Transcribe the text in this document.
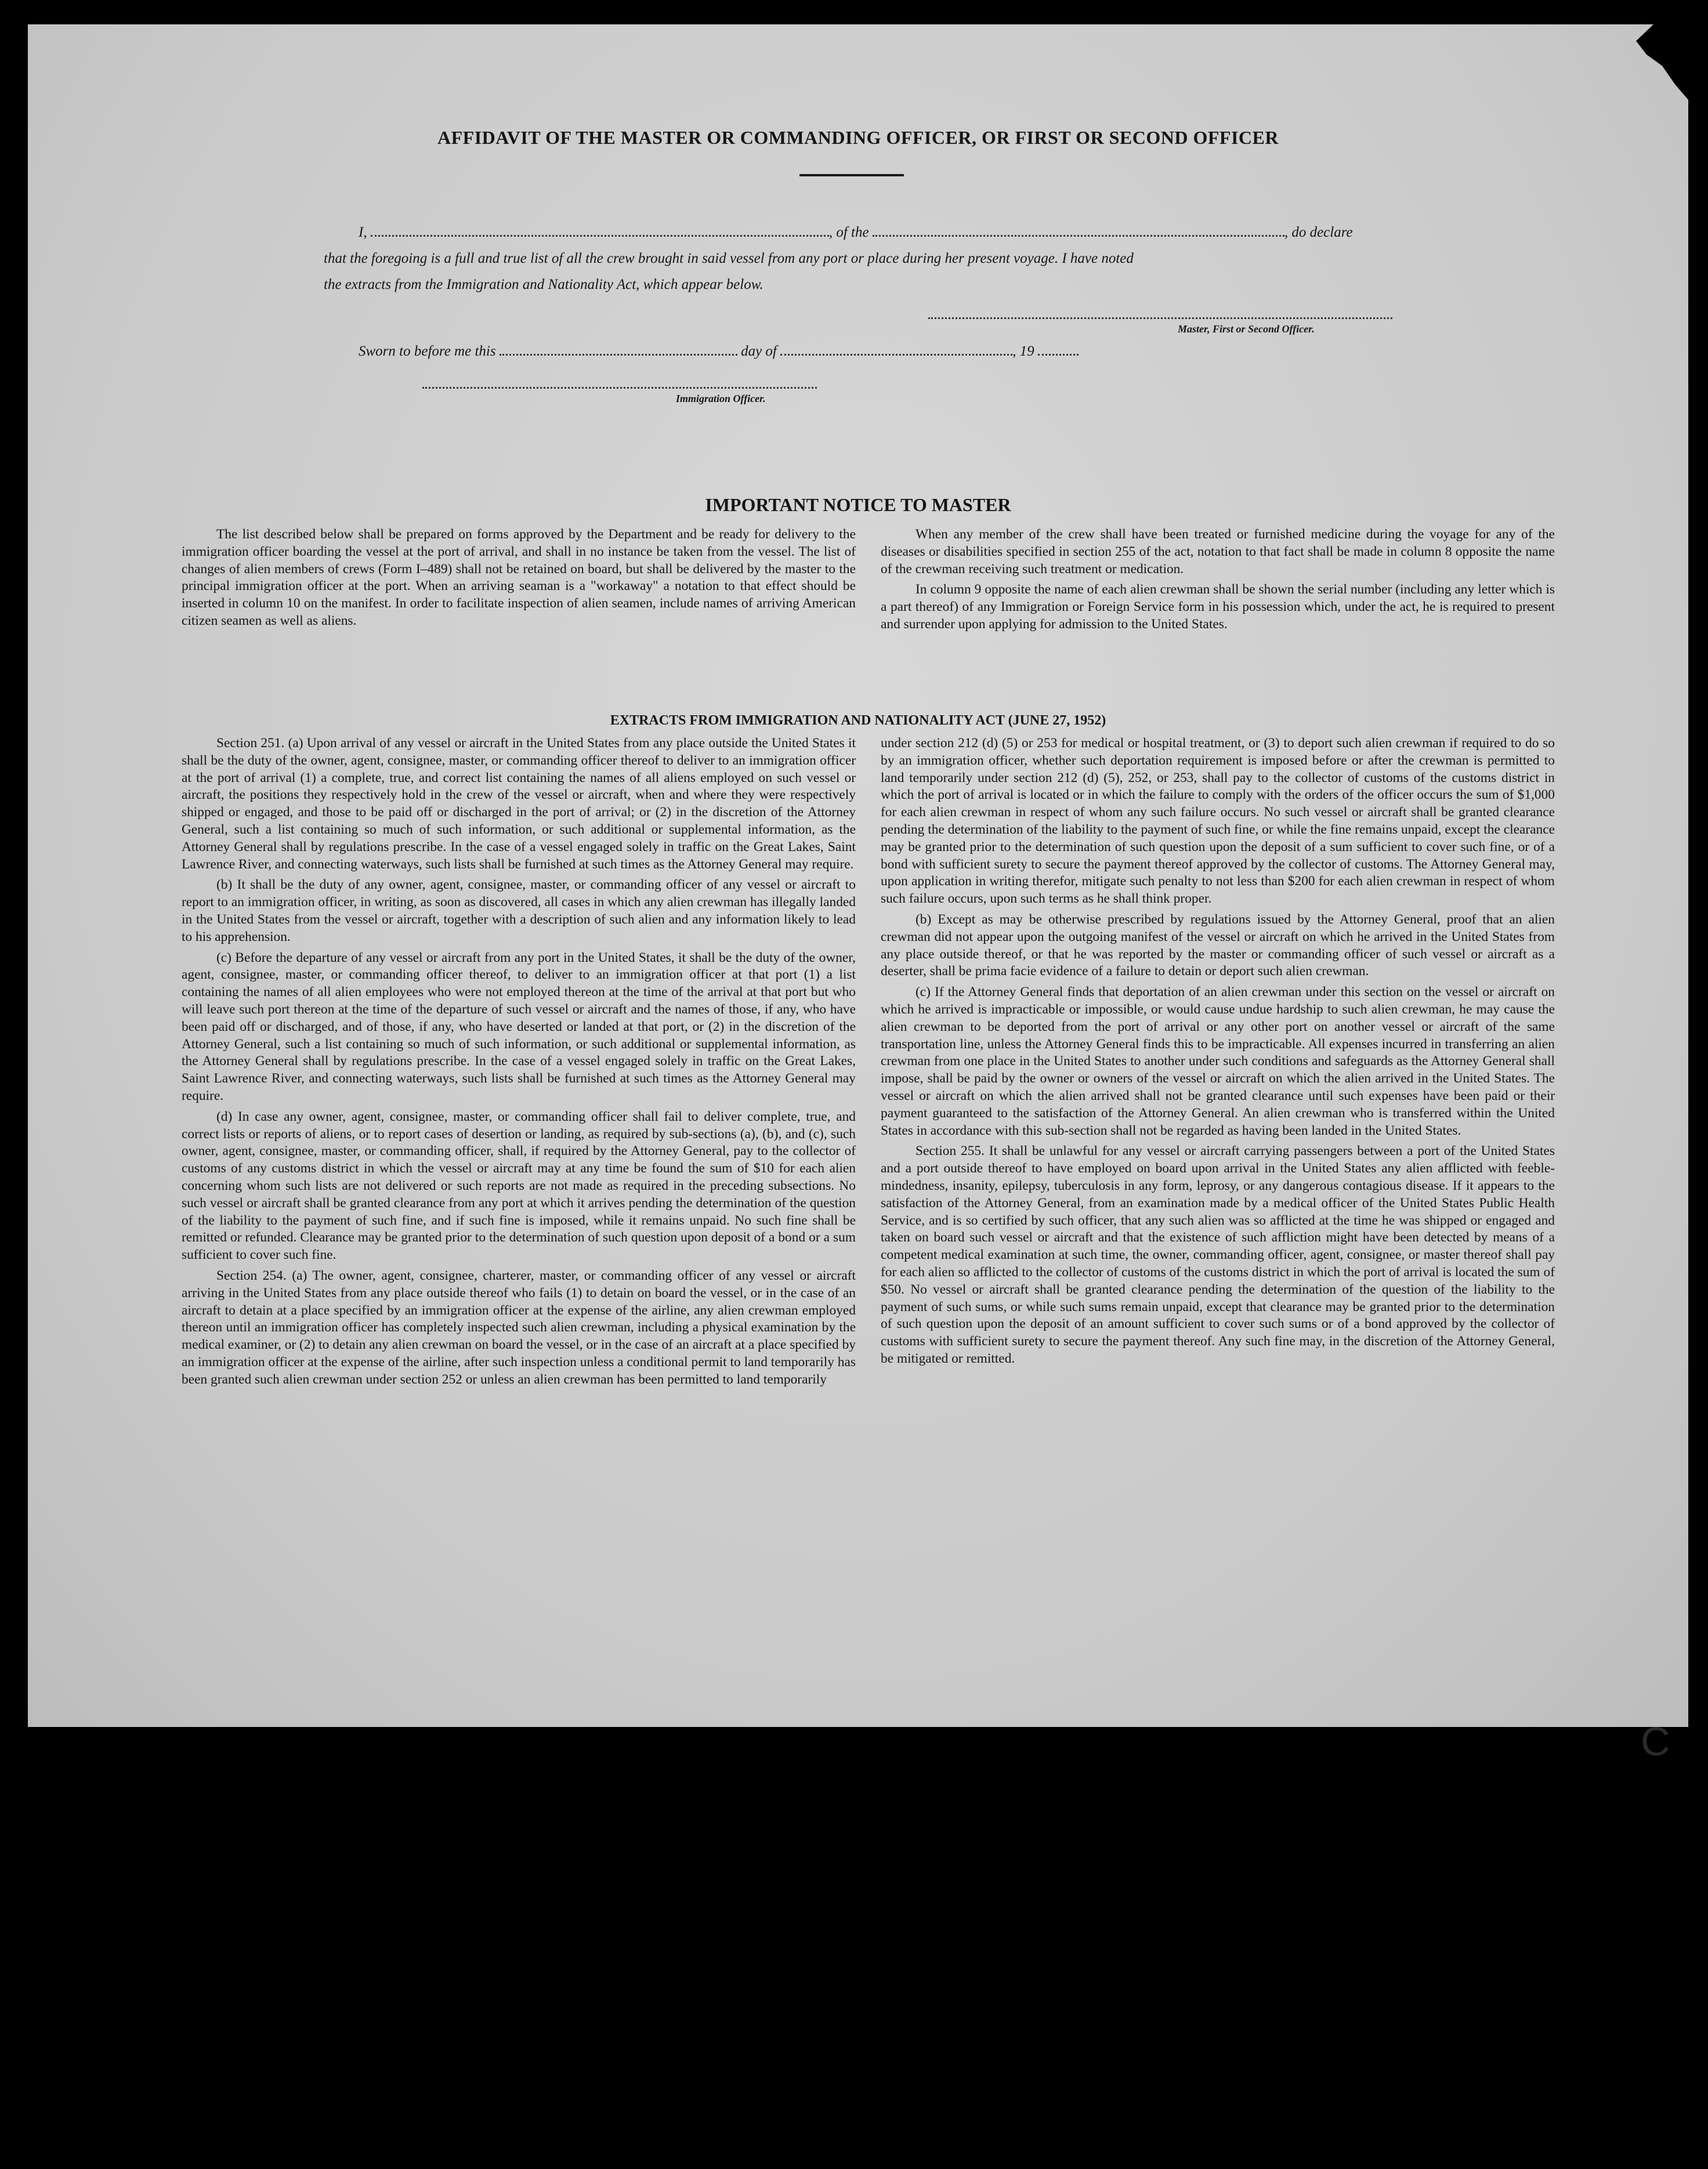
AFFIDAVIT OF THE MASTER OR COMMANDING OFFICER, OR FIRST OR SECOND OFFICER
I,	, of the	, do declare
that the foregoing is a full and true list of all the crew brought in said vessel from any port or place during her present voyage. I have noted
the extracts from the Immigration and Nationality Act, which appear below.
Master, First or Second Officer.
Sworn to before me this	day of	, 19
Immigration Officer.
IMPORTANT NOTICE TO MASTER

The list described below shall be prepared on forms approved by the Department and be ready for delivery to the immigration officer boarding the vessel at the port of arrival, and shall in no instance be taken from the vessel. The list of changes of alien members of crews (Form I–489) shall not be retained on board, but shall be delivered by the master to the principal immigration officer at the port. When an arriving seaman is a "workaway" a notation to that effect should be inserted in column 10 on the manifest. In order to facilitate inspection of alien seamen, include names of arriving American citizen seamen as well as aliens.

When any member of the crew shall have been treated or furnished medicine during the voyage for any of the diseases or disabilities specified in section 255 of the act, notation to that fact shall be made in column 8 opposite the name of the crewman receiving such treatment or medication.

In column 9 opposite the name of each alien crewman shall be shown the serial number (including any letter which is a part thereof) of any Immigration or Foreign Service form in his possession which, under the act, he is required to present and surrender upon applying for admission to the United States.

EXTRACTS FROM IMMIGRATION AND NATIONALITY ACT (JUNE 27, 1952)

Section 251. (a) Upon arrival of any vessel or aircraft in the United States from any place outside the United States it shall be the duty of the owner, agent, consignee, master, or commanding officer thereof to deliver to an immigration officer at the port of arrival (1) a complete, true, and correct list containing the names of all aliens employed on such vessel or aircraft, the positions they respectively hold in the crew of the vessel or aircraft, when and where they were respectively shipped or engaged, and those to be paid off or discharged in the port of arrival; or (2) in the discretion of the Attorney General, such a list containing so much of such information, or such additional or supplemental information, as the Attorney General shall by regulations prescribe. In the case of a vessel engaged solely in traffic on the Great Lakes, Saint Lawrence River, and connecting waterways, such lists shall be furnished at such times as the Attorney General may require.

(b) It shall be the duty of any owner, agent, consignee, master, or commanding officer of any vessel or aircraft to report to an immigration officer, in writing, as soon as discovered, all cases in which any alien crewman has illegally landed in the United States from the vessel or aircraft, together with a description of such alien and any information likely to lead to his apprehension.

(c) Before the departure of any vessel or aircraft from any port in the United States, it shall be the duty of the owner, agent, consignee, master, or commanding officer thereof, to deliver to an immigration officer at that port (1) a list containing the names of all alien employees who were not employed thereon at the time of the arrival at that port but who will leave such port thereon at the time of the departure of such vessel or aircraft and the names of those, if any, who have been paid off or discharged, and of those, if any, who have deserted or landed at that port, or (2) in the discretion of the Attorney General, such a list containing so much of such information, or such additional or supplemental information, as the Attorney General shall by regulations prescribe. In the case of a vessel engaged solely in traffic on the Great Lakes, Saint Lawrence River, and connecting waterways, such lists shall be furnished at such times as the Attorney General may require.

(d) In case any owner, agent, consignee, master, or commanding officer shall fail to deliver complete, true, and correct lists or reports of aliens, or to report cases of desertion or landing, as required by sub-sections (a), (b), and (c), such owner, agent, consignee, master, or commanding officer, shall, if required by the Attorney General, pay to the collector of customs of any customs district in which the vessel or aircraft may at any time be found the sum of $10 for each alien concerning whom such lists are not delivered or such reports are not made as required in the preceding subsections. No such vessel or aircraft shall be granted clearance from any port at which it arrives pending the determination of the question of the liability to the payment of such fine, and if such fine is imposed, while it remains unpaid. No such fine shall be remitted or refunded. Clearance may be granted prior to the determination of such question upon deposit of a bond or a sum sufficient to cover such fine.

Section 254. (a) The owner, agent, consignee, charterer, master, or commanding officer of any vessel or aircraft arriving in the United States from any place outside thereof who fails (1) to detain on board the vessel, or in the case of an aircraft to detain at a place specified by an immigration officer at the expense of the airline, any alien crewman employed thereon until an immigration officer has completely inspected such alien crewman, including a physical examination by the medical examiner, or (2) to detain any alien crewman on board the vessel, or in the case of an aircraft at a place specified by an immigration officer at the expense of the airline, after such inspection unless a conditional permit to land temporarily has been granted such alien crewman under section 252 or unless an alien crewman has been permitted to land temporarily

under section 212 (d) (5) or 253 for medical or hospital treatment, or (3) to deport such alien crewman if required to do so by an immigration officer, whether such deportation requirement is imposed before or after the crewman is permitted to land temporarily under section 212 (d) (5), 252, or 253, shall pay to the collector of customs of the customs district in which the port of arrival is located or in which the failure to comply with the orders of the officer occurs the sum of $1,000 for each alien crewman in respect of whom any such failure occurs. No such vessel or aircraft shall be granted clearance pending the determination of the liability to the payment of such fine, or while the fine remains unpaid, except the clearance may be granted prior to the determination of such question upon the deposit of a sum sufficient to cover such fine, or of a bond with sufficient surety to secure the payment thereof approved by the collector of customs. The Attorney General may, upon application in writing therefor, mitigate such penalty to not less than $200 for each alien crewman in respect of whom such failure occurs, upon such terms as he shall think proper.

(b) Except as may be otherwise prescribed by regulations issued by the Attorney General, proof that an alien crewman did not appear upon the outgoing manifest of the vessel or aircraft on which he arrived in the United States from any place outside thereof, or that he was reported by the master or commanding officer of such vessel or aircraft as a deserter, shall be prima facie evidence of a failure to detain or deport such alien crewman.

(c) If the Attorney General finds that deportation of an alien crewman under this section on the vessel or aircraft on which he arrived is impracticable or impossible, or would cause undue hardship to such alien crewman, he may cause the alien crewman to be deported from the port of arrival or any other port on another vessel or aircraft of the same transportation line, unless the Attorney General finds this to be impracticable. All expenses incurred in transferring an alien crewman from one place in the United States to another under such conditions and safeguards as the Attorney General shall impose, shall be paid by the owner or owners of the vessel or aircraft on which the alien arrived in the United States. The vessel or aircraft on which the alien arrived shall not be granted clearance until such expenses have been paid or their payment guaranteed to the satisfaction of the Attorney General. An alien crewman who is transferred within the United States in accordance with this sub-section shall not be regarded as having been landed in the United States.

Section 255. It shall be unlawful for any vessel or aircraft carrying passengers between a port of the United States and a port outside thereof to have employed on board upon arrival in the United States any alien afflicted with feeble-mindedness, insanity, epilepsy, tuberculosis in any form, leprosy, or any dangerous contagious disease. If it appears to the satisfaction of the Attorney General, from an examination made by a medical officer of the United States Public Health Service, and is so certified by such officer, that any such alien was so afflicted at the time he was shipped or engaged and taken on board such vessel or aircraft and that the existence of such affliction might have been detected by means of a competent medical examination at such time, the owner, commanding officer, agent, consignee, or master thereof shall pay for each alien so afflicted to the collector of customs of the customs district in which the port of arrival is located the sum of $50. No vessel or aircraft shall be granted clearance pending the determination of the question of the liability to the payment of such sums, or while such sums remain unpaid, except that clearance may be granted prior to the determination of such question upon the deposit of an amount sufficient to cover such sums or of a bond approved by the collector of customs with sufficient surety to secure the payment thereof. Any such fine may, in the discretion of the Attorney General, be mitigated or remitted.

C
